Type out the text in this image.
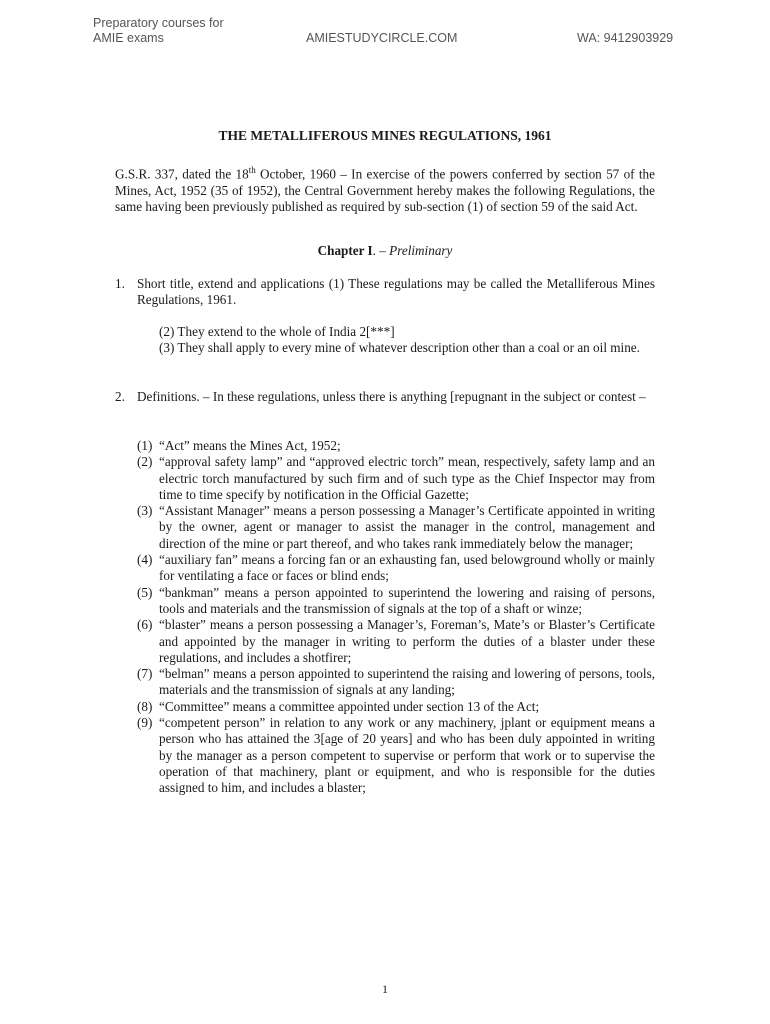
Preparatory courses for
AMIE exams	AMIESTUDYCIRCLE.COM	WA: 9412903929
THE METALLIFEROUS MINES REGULATIONS, 1961

G.S.R. 337, dated the 18th October, 1960 – In exercise of the powers conferred by section 57 of the Mines, Act, 1952 (35 of 1952), the Central Government hereby makes the following Regulations, the same having been previously published as required by sub-section (1) of section 59 of the said Act.

Chapter I. – Preliminary
1. Short title, extend and applications (1) These regulations may be called the Metalliferous Mines Regulations, 1961.
(2) They extend to the whole of India 2[***]
(3) They shall apply to every mine of whatever description other than a coal or an oil mine.
2. Definitions. – In these regulations, unless there is anything [repugnant in the subject or contest –
(1) “Act” means the Mines Act, 1952;
(2) “approval safety lamp” and “approved electric torch” mean, respectively, safety lamp and an electric torch manufactured by such firm and of such type as the Chief Inspector may from time to time specify by notification in the Official Gazette;
(3) “Assistant Manager” means a person possessing a Manager’s Certificate appointed in writing by the owner, agent or manager to assist the manager in the control, management and direction of the mine or part thereof, and who takes rank immediately below the manager;
(4) “auxiliary fan” means a forcing fan or an exhausting fan, used belowground wholly or mainly for ventilating a face or faces or blind ends;
(5) “bankman” means a person appointed to superintend the lowering and raising of persons, tools and materials and the transmission of signals at the top of a shaft or winze;
(6) “blaster” means a person possessing a Manager’s, Foreman’s, Mate’s or Blaster’s Certificate and appointed by the manager in writing to perform the duties of a blaster under these regulations, and includes a shotfirer;
(7) “belman” means a person appointed to superintend the raising and lowering of persons, tools, materials and the transmission of signals at any landing;
(8) “Committee” means a committee appointed under section 13 of the Act;
(9) “competent person” in relation to any work or any machinery, jplant or equipment means a person who has attained the 3[age of 20 years] and who has been duly appointed in writing by the manager as a person competent to supervise or perform that work or to supervise the operation of that machinery, plant or equipment, and who is responsible for the duties assigned to him, and includes a blaster;
1
